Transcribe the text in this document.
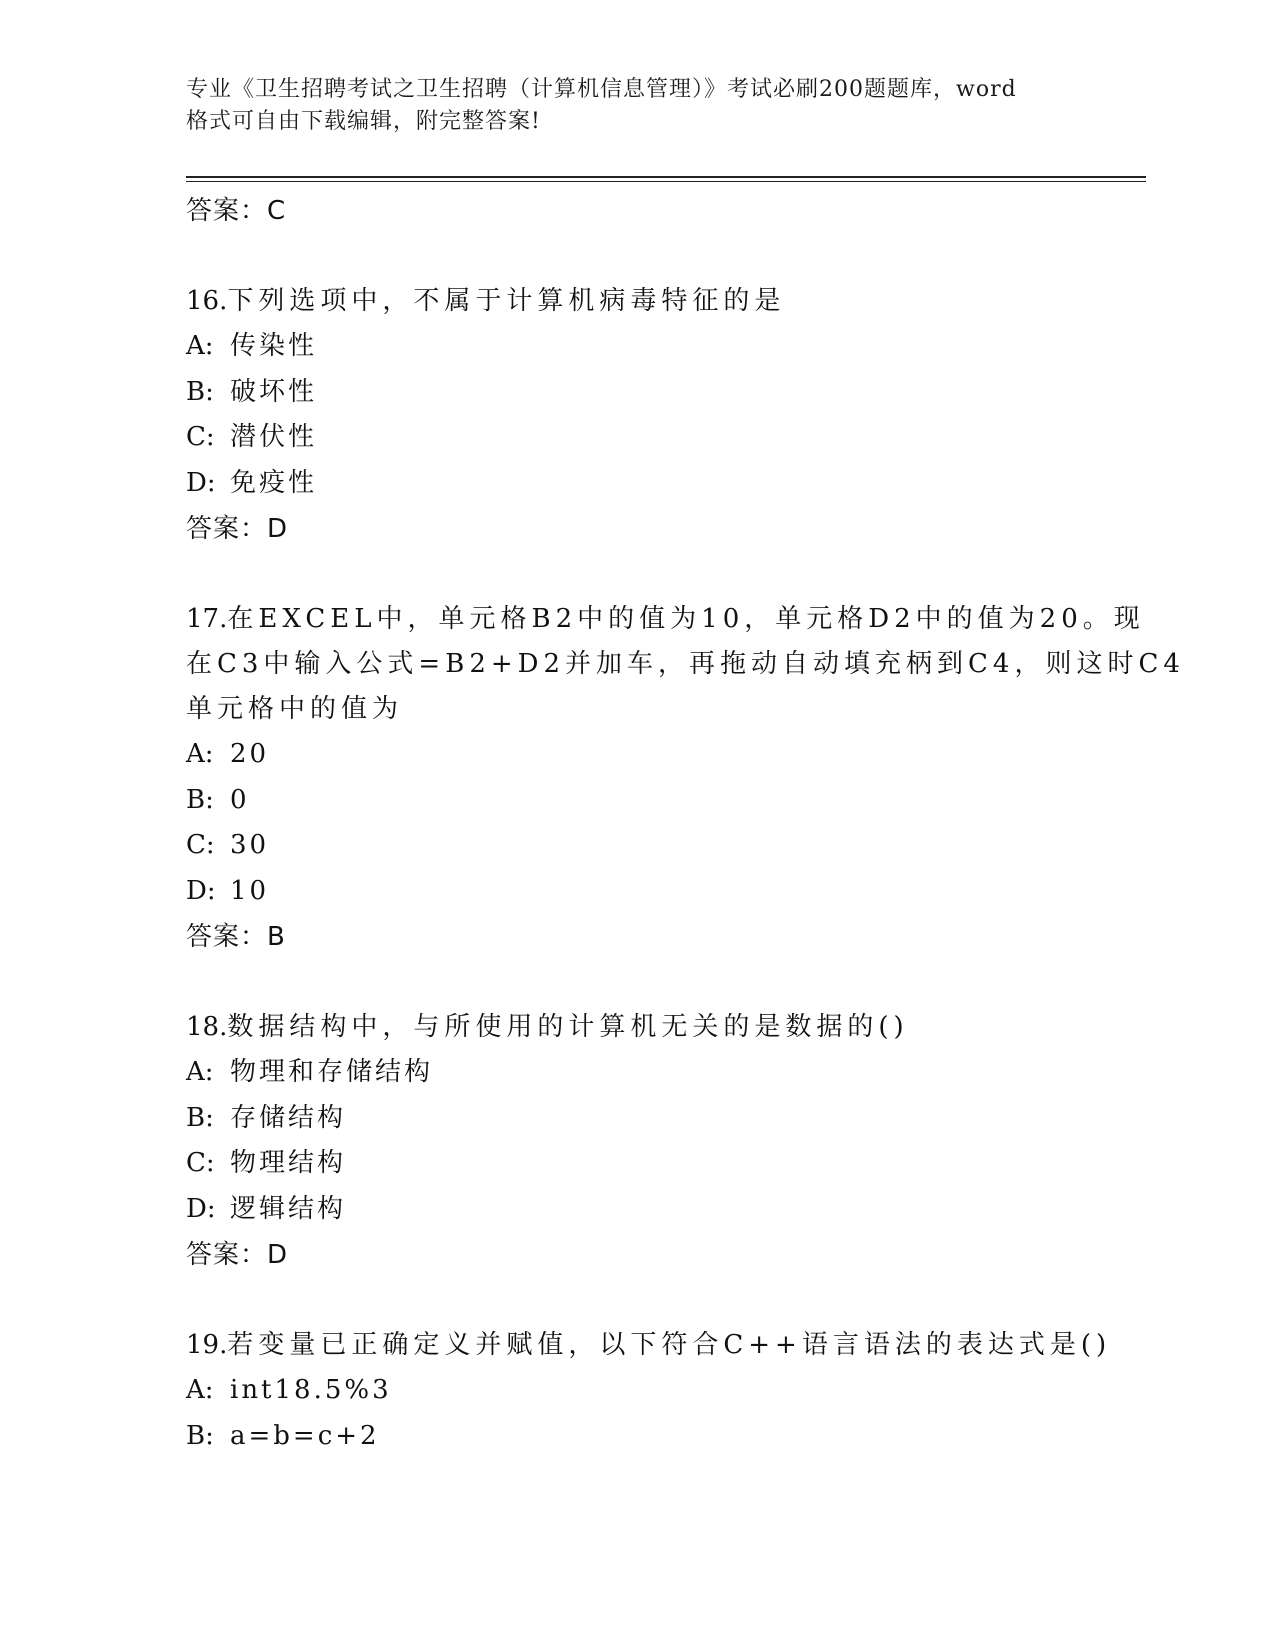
专业《卫生招聘考试之卫生招聘（计算机信息管理）》考试必刷200题题库，word
格式可自由下载编辑，附完整答案!
答案：C
16.下列选项中，不属于计算机病毒特征的是
A: 传染性
B: 破坏性
C: 潜伏性
D: 免疫性
答案：D
17.在EXCEL中，单元格B2中的值为10，单元格D2中的值为20。现
在C3中输入公式=B2+D2并加车，再拖动自动填充柄到C4，则这时C4
单元格中的值为
A: 20
B: 0
C: 30
D: 10
答案：B
18.数据结构中，与所使用的计算机无关的是数据的()
A: 物理和存储结构
B: 存储结构
C: 物理结构
D: 逻辑结构
答案：D
19.若变量已正确定义并赋值，以下符合C++语言语法的表达式是()
A: int18.5%3
B: a=b=c+2
